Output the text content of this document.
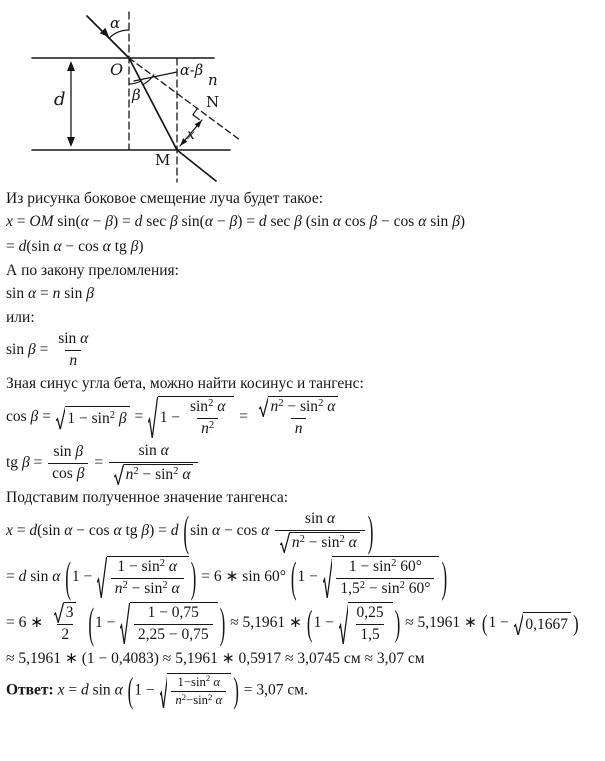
d
O
α
β
α-β n
N
M
x
Из рисунка боковое смещение луча будет такое:
x = OM sin(α − β) = d sec β sin(α − β) = d sec β (sin α cos β − cos α sin β)
= d(sin α − cos α tg β)
А по закону преломления:
sin α = n sin β
или:
$\sin \beta = \frac{\text{sin α}}{n}$
Зная синус угла бета, можно найти косинус и тангенс:
$\cos \beta = 1 - \sin^2 \beta = 1 - \frac{\sin^2 \alpha}{n^2} = \frac{n^2 - \sin^2 \alpha}{n}$
tg $\beta = \frac{\text{sin β}}{\text{cos β}} = \frac{\text{sin α}}{n^2 - \sin^2 \alpha}$
Подставим полученное значение тангенса:
x = d(sin α − cos α tg β) = d (sin α − cos α $\frac{\text{sin α}}{n^2 - \sin^2 \alpha}$ )
= d sin α ($1 - \frac{1 - \sin^2 \alpha}{n^2 - \sin^2 \alpha}$ ) = 6 ∗ sin 60° ($1 - \frac{1 - \sin^2 60^\circ}{1,5^2 - \sin^2 60^\circ}$ )
= 6 ∗ $\frac{3}{2} (1 - \frac{1 - 0,75}{2,25 - 0,75}$ ) ≈ 5,1961 ∗ ($1 - \frac{0,25}{1,5}$ ) ≈ 5,1961 ∗ (1 − 0,1667 )
≈ 5,1961 ∗ (1 − 0,4083) ≈ 5,1961 ∗ 0,5917 ≈ 3,0745 см ≈ 3,07 см
Ответ: x = d sin α ($1 - \frac{1-\sin^2 \alpha}{n^2-\sin^2 \alpha}$ ) = 3,07 см.
